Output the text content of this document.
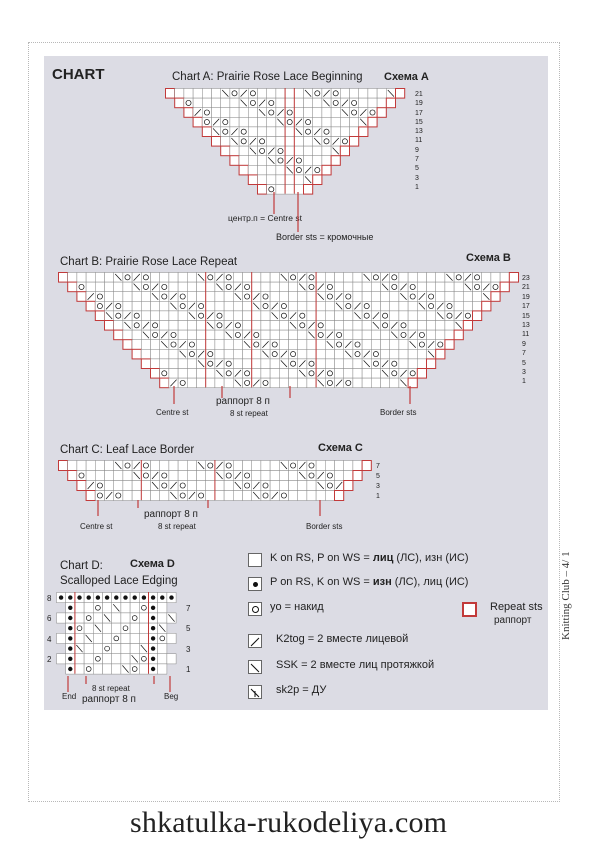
CHART	Chart A: Prairie Rose Lace Beginning Схема А
21
19
17
15
13
11
9
7
5
3
1
центр.п = Centre st
Border sts = кромочные
Chart B: Prairie Rose Lace Repeat	Схема В
23
21
19
17
15
13
11
9
7
5
3
1
Centre st
раппорт 8 п
8 st repeat	Border sts
Chart C: Leaf Lace Border	Схема С
7
5
3
1
Centre st
раппорт 8 п
8 st repeat	Border sts
Chart D: Схема D
Scalloped Lace Edging
End	Beg
8 st repeat
раппорт 8 п
K on RS, P on WS = лиц (ЛС), изн (ИС)
P on RS, K on WS = изн (ЛС), лиц (ИС)
yo = накид
K2tog = 2 вместе лицевой
SSK = 2 вместе лиц протяжкой
sk2p = ДУ
Repeat sts
раппорт	Knitting Club – 4/ 1
shkatulka-rukodeliya.com
8
6
4
2
7
5
3
1
